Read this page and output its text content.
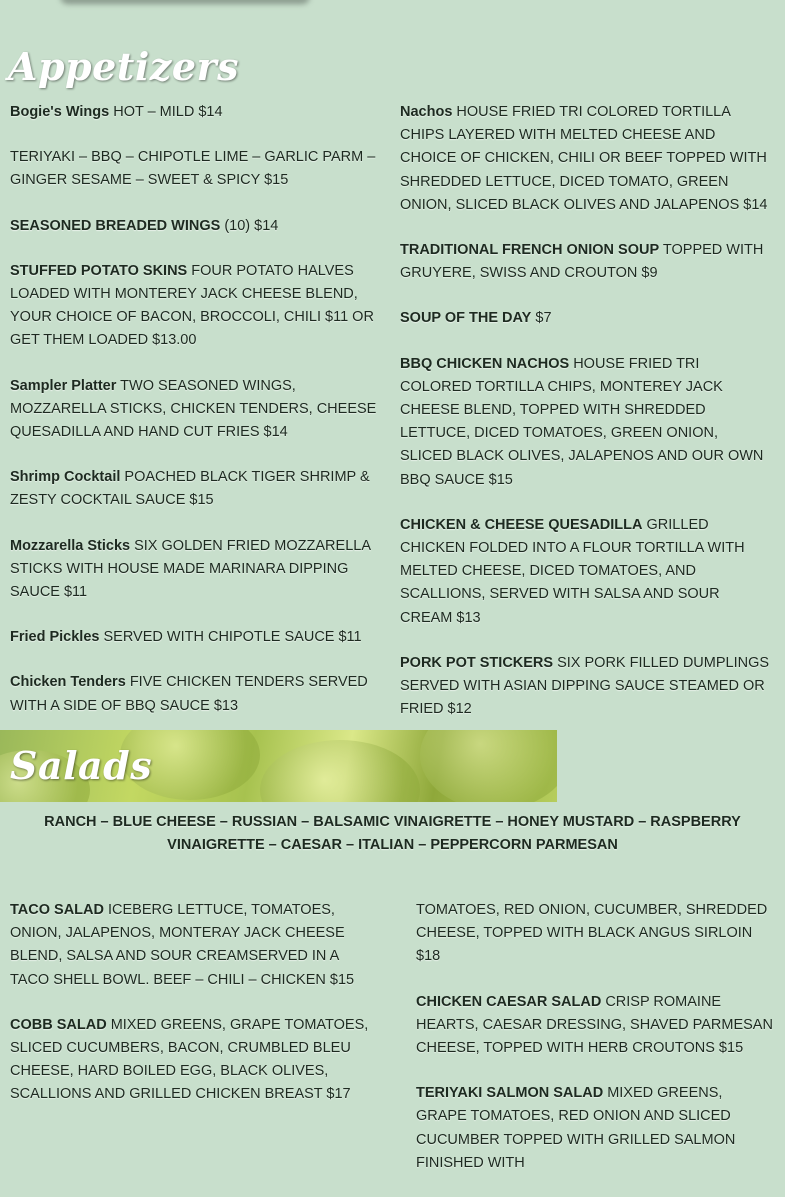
Appetizers

Bogie's Wings HOT – MILD $14

TERIYAKI – BBQ – CHIPOTLE LIME – GARLIC PARM – GINGER SESAME – SWEET & SPICY $15

SEASONED BREADED WINGS (10) $14

STUFFED POTATO SKINS FOUR POTATO HALVES LOADED WITH MONTEREY JACK CHEESE BLEND, YOUR CHOICE OF BACON, BROCCOLI, CHILI $11 OR GET THEM LOADED $13.00

Sampler Platter TWO SEASONED WINGS, MOZZARELLA STICKS, CHICKEN TENDERS, CHEESE QUESADILLA AND HAND CUT FRIES $14

Shrimp Cocktail POACHED BLACK TIGER SHRIMP & ZESTY COCKTAIL SAUCE $15

Mozzarella Sticks SIX GOLDEN FRIED MOZZARELLA STICKS WITH HOUSE MADE MARINARA DIPPING SAUCE $11

Fried Pickles SERVED WITH CHIPOTLE SAUCE $11

Chicken Tenders FIVE CHICKEN TENDERS SERVED WITH A SIDE OF BBQ SAUCE $13

Nachos HOUSE FRIED TRI COLORED TORTILLA CHIPS LAYERED WITH MELTED CHEESE AND CHOICE OF CHICKEN, CHILI OR BEEF TOPPED WITH SHREDDED LETTUCE, DICED TOMATO, GREEN ONION, SLICED BLACK OLIVES AND JALAPENOS $14

TRADITIONAL FRENCH ONION SOUP TOPPED WITH GRUYERE, SWISS AND CROUTON $9

SOUP OF THE DAY $7

BBQ CHICKEN NACHOS HOUSE FRIED TRI COLORED TORTILLA CHIPS, MONTEREY JACK CHEESE BLEND, TOPPED WITH SHREDDED LETTUCE, DICED TOMATOES, GREEN ONION, SLICED BLACK OLIVES, JALAPENOS AND OUR OWN BBQ SAUCE $15

CHICKEN & CHEESE QUESADILLA GRILLED CHICKEN FOLDED INTO A FLOUR TORTILLA WITH MELTED CHEESE, DICED TOMATOES, AND SCALLIONS, SERVED WITH SALSA AND SOUR CREAM $13

PORK POT STICKERS SIX PORK FILLED DUMPLINGS SERVED WITH ASIAN DIPPING SAUCE STEAMED OR FRIED $12

Salads
RANCH – BLUE CHEESE – RUSSIAN – BALSAMIC VINAIGRETTE – HONEY MUSTARD – RASPBERRY VINAIGRETTE – CAESAR – ITALIAN – PEPPERCORN PARMESAN

TACO SALAD ICEBERG LETTUCE, TOMATOES, ONION, JALAPENOS, MONTERAY JACK CHEESE BLEND, SALSA AND SOUR CREAMSERVED IN A TACO SHELL BOWL. BEEF – CHILI – CHICKEN $15

COBB SALAD MIXED GREENS, GRAPE TOMATOES, SLICED CUCUMBERS, BACON, CRUMBLED BLEU CHEESE, HARD BOILED EGG, BLACK OLIVES, SCALLIONS AND GRILLED CHICKEN BREAST $17

TOMATOES, RED ONION, CUCUMBER, SHREDDED CHEESE, TOPPED WITH BLACK ANGUS SIRLOIN $18

CHICKEN CAESAR SALAD CRISP ROMAINE HEARTS, CAESAR DRESSING, SHAVED PARMESAN CHEESE, TOPPED WITH HERB CROUTONS $15

TERIYAKI SALMON SALAD MIXED GREENS, GRAPE TOMATOES, RED ONION AND SLICED CUCUMBER TOPPED WITH GRILLED SALMON FINISHED WITH
